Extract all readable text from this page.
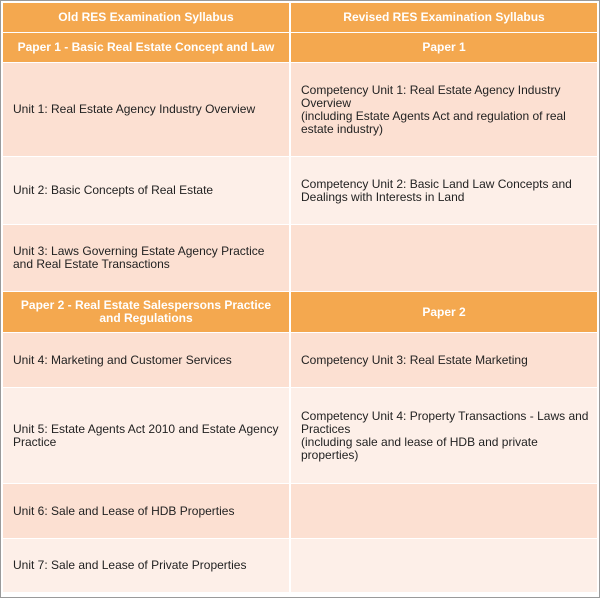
Old RES Examination Syllabus	Revised RES Examination Syllabus
Paper 1 - Basic Real Estate Concept and Law	Paper 1
Unit 1: Real Estate Agency Industry Overview	Competency Unit 1: Real Estate Agency Industry Overview
(including Estate Agents Act and regulation of real estate industry)

Unit 2: Basic Concepts of Real Estate	Competency Unit 2: Basic Land Law Concepts and Dealings with Interests in Land
Unit 3: Laws Governing Estate Agency Practice and Real Estate Transactions	
Paper 2 - Real Estate Salespersons Practice and Regulations	Paper 2
Unit 4: Marketing and Customer Services	Competency Unit 3: Real Estate Marketing
Unit 5: Estate Agents Act 2010 and Estate Agency Practice	Competency Unit 4: Property Transactions - Laws and Practices
(including sale and lease of HDB and private properties)

Unit 6: Sale and Lease of HDB Properties	
Unit 7: Sale and Lease of Private Properties	
